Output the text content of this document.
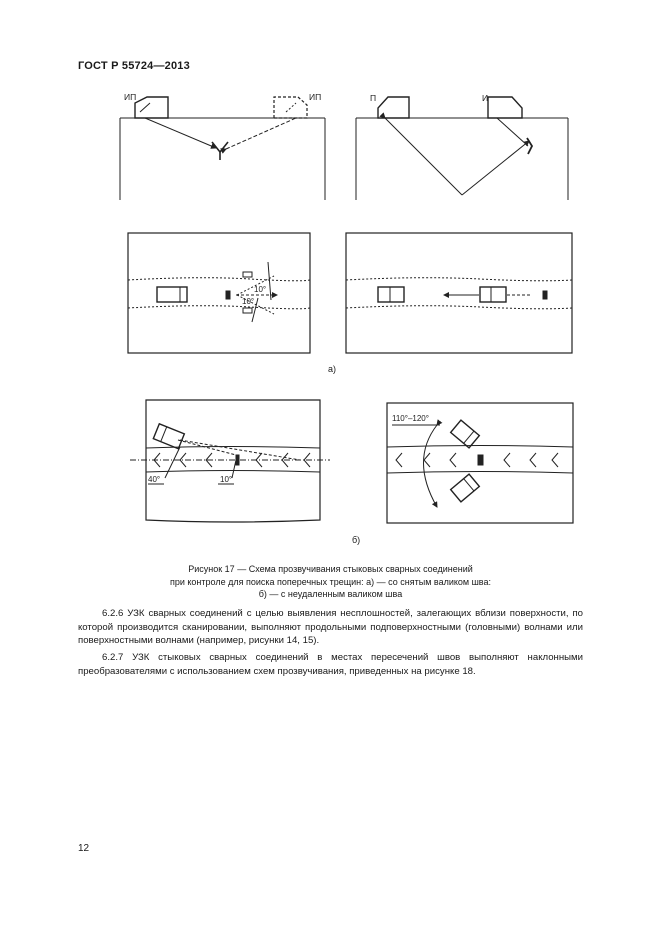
ГОСТ Р 55724—2013
ИП	ИП	П	И
10°
10°
40°	10°
110°–120°
а)
б)
Рисунок 17 — Схема прозвучивания стыковых сварных соединений
при контроле для поиска поперечных трещин: а) — со снятым валиком шва:
б) — с неудаленным валиком шва

6.2.6 УЗК сварных соединений с целью выявления несплошностей, залегающих вблизи поверхности, по которой производится сканировании, выполняют продольными подповерхностными (головными) волнами или поверхностными волнами (например, рисунки 14, 15).

6.2.7 УЗК стыковых сварных соединений в местах пересечений швов выполняют наклонными преобразователями с использованием схем прозвучивания, приведенных на рисунке 18.

12
